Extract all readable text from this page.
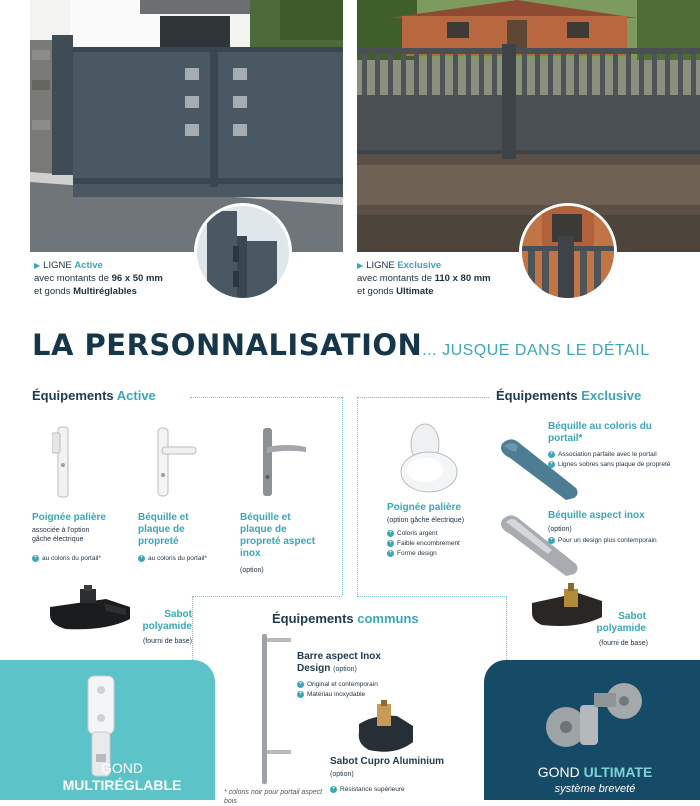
▶ LIGNE Active
avec montants de 96 x 50 mm
et gonds Multiréglables
▶ LIGNE Exclusive
avec montants de 110 x 80 mm
et gonds Ultimate
LA PERSONNALISATION... JUSQUE DANS LE DÉTAIL
Équipements Active
Poignée palière
associée à l'option
gâche électrique
+ au coloris du portail*
Béquille et plaque de propreté
+ au coloris du portail*
Béquille et plaque de propreté aspect inox
(option)
Sabot polyamide
(fourni de base)
Équipements Exclusive
Poignée palière
(option gâche électrique)
+ Coloris argent
+ Faible encombrement
+ Forme design
Béquille au coloris du portail*
+ Association parfaite avec le portail
+ Lignes sobres sans plaque de propreté
Béquille aspect inox
(option)
+ Pour un design plus contemporain
Sabot polyamide
(fourni de base)
Équipements communs
Barre aspect Inox Design (option)
+ Original et contemporain
+ Matériau inoxydable
Sabot Cupro Aluminium (option)
+ Résistance supérieure
* coloris noir pour portail aspect bois
GOND
MULTIRÉGLABLE
GOND ULTIMATE
système breveté
